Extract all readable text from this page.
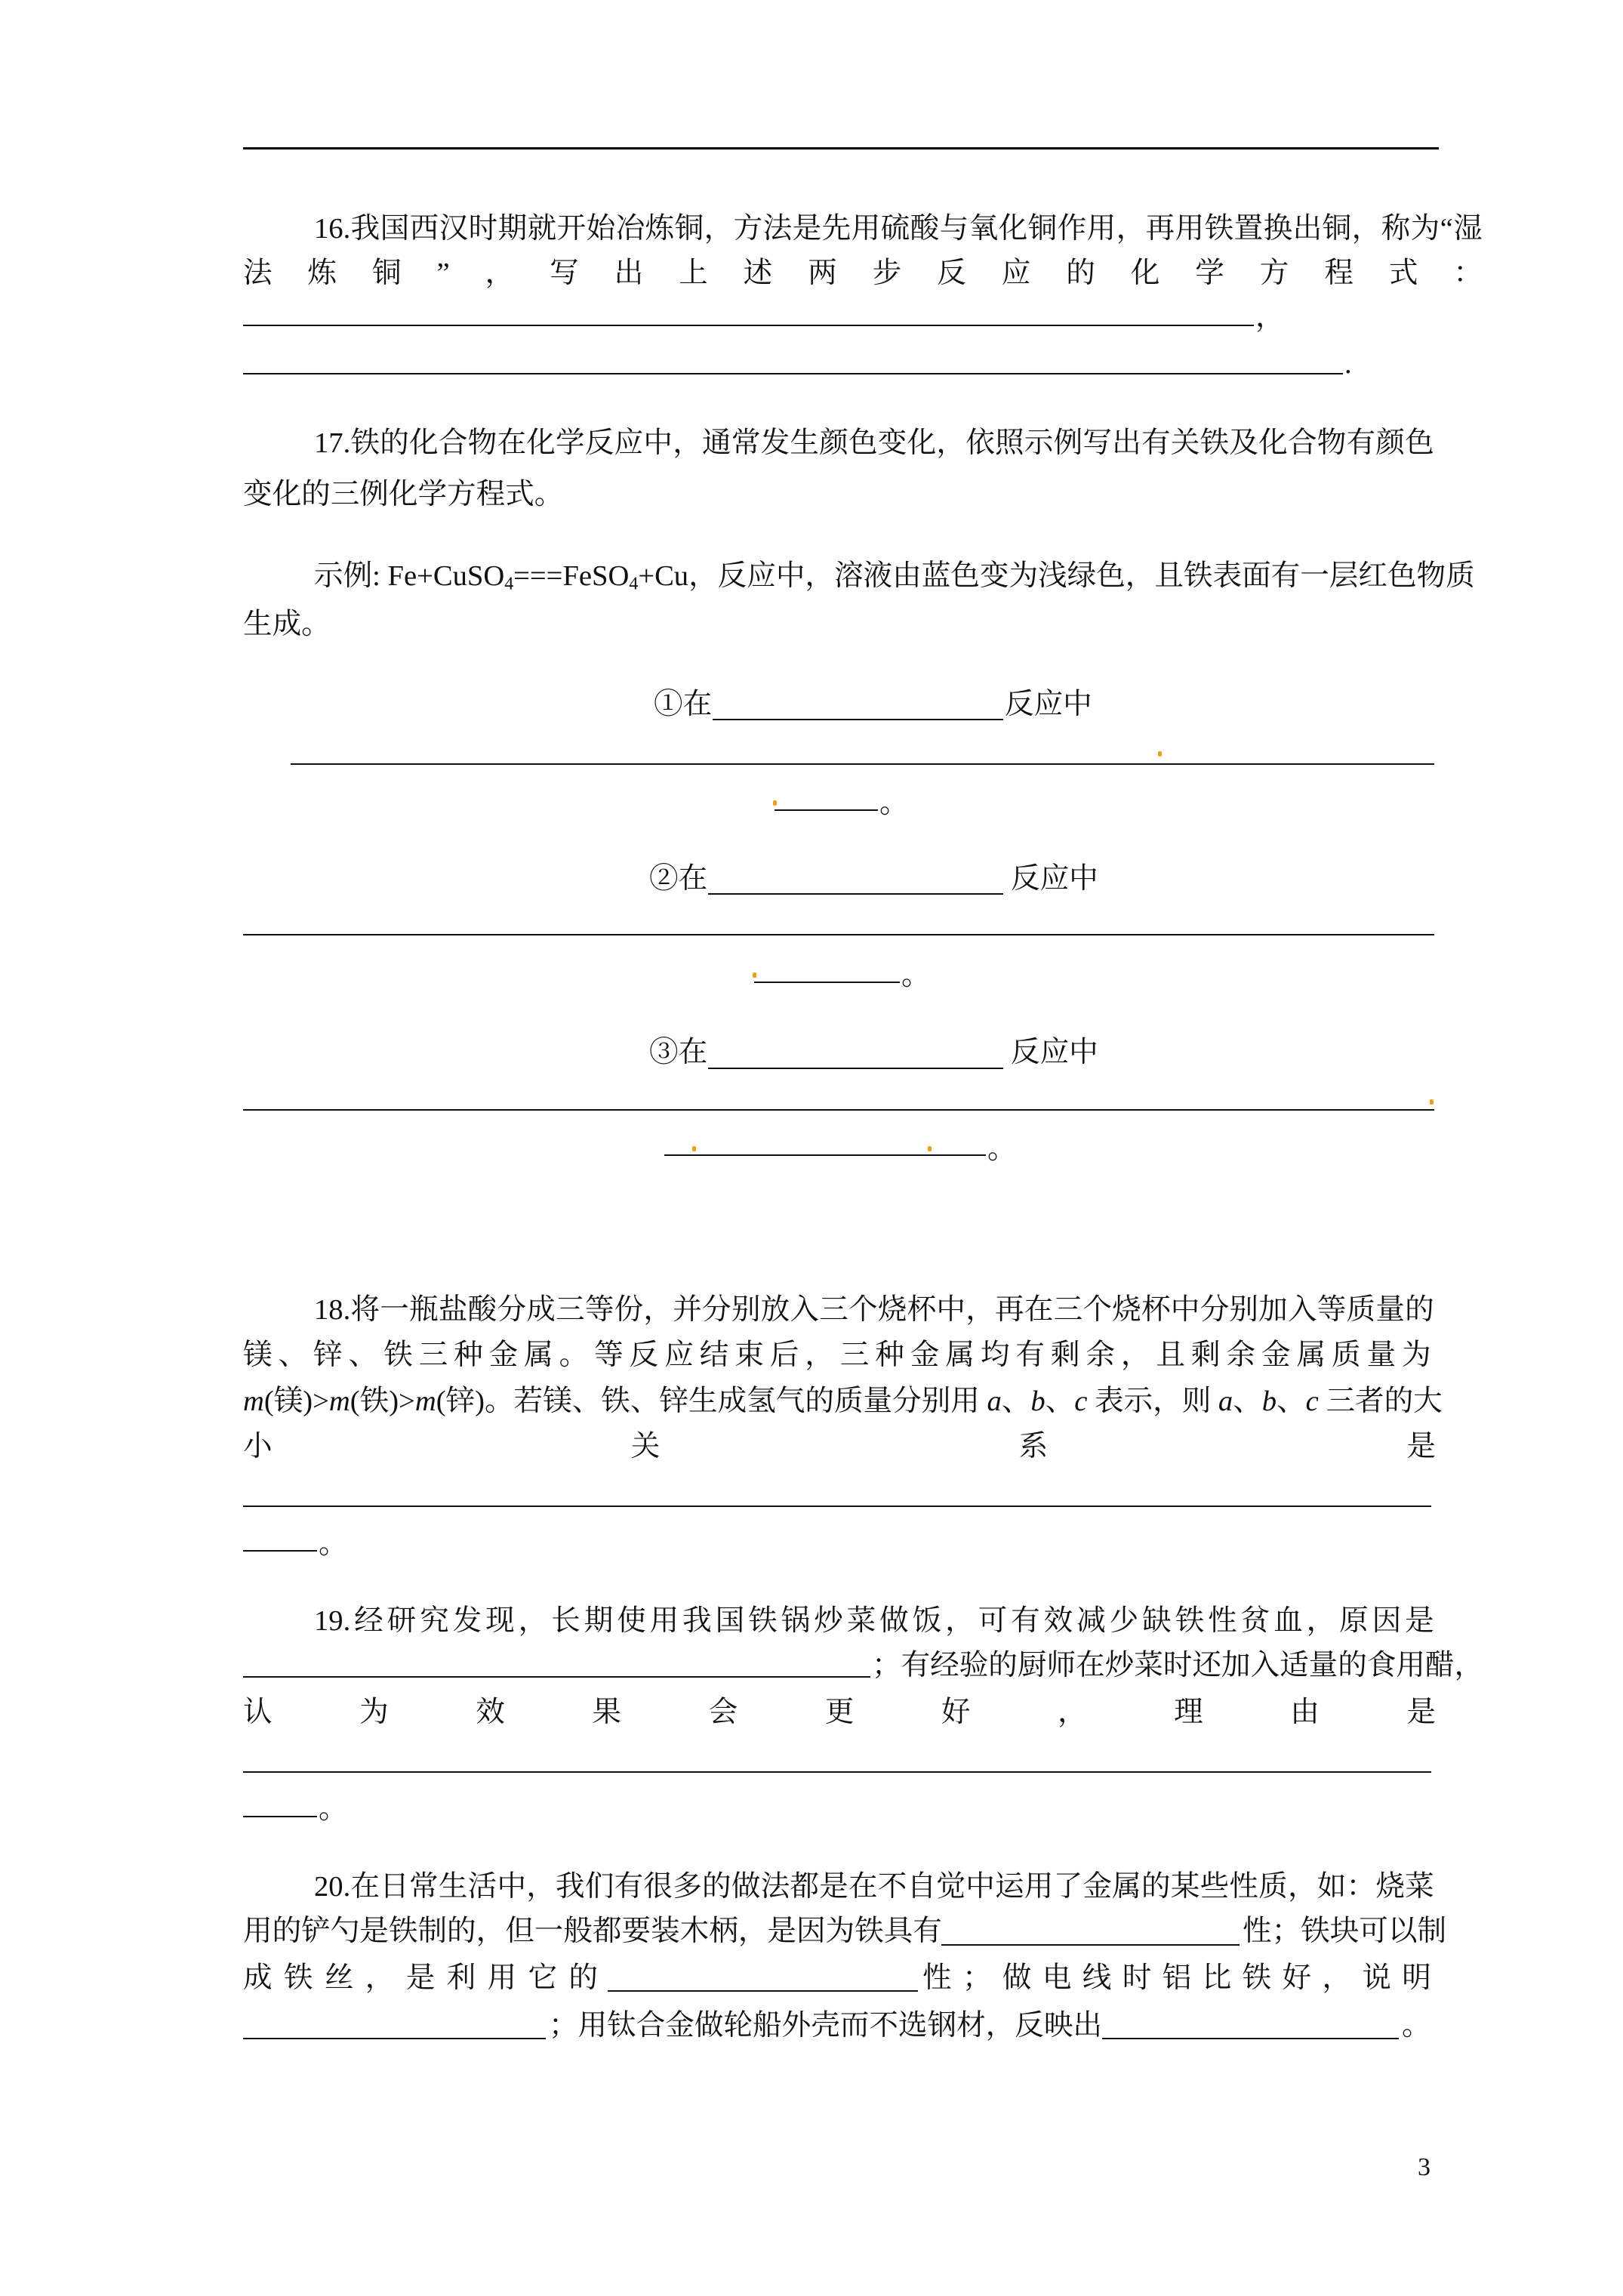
16. 我 国 西 汉 时 期 就 开 始 冶 炼 铜 ， 方 法 是 先 用 硫 酸 与 氧 化 铜 作 用 ， 再 用 铁 置 换 出 铜 ， 称 为 “ 湿
法 炼 铜 ” ， 写 出 上 述 两 步 反 应 的 化 学 方 程 式 ：
，
.
17. 铁 的 化 合 物 在 化 学 反 应 中 ， 通 常 发 生 颜 色 变 化 ， 依 照 示 例 写 出 有 关 铁 及 化 合 物 有 颜 色
变化的三例化学方程式。
示例: Fe+CuSO$_4$===FeSO$_4$+Cu，反应中，溶液由蓝色变为浅绿色，且铁表面有一层红色物质
生成。
①在	反应中
。
②在	反应中
。
③在	反应中
。
18. 将 一 瓶 盐 酸 分 成 三 等 份 ， 并 分 别 放 入 三 个 烧 杯 中 ， 再 在 三 个 烧 杯 中 分 别 加 入 等 质 量 的
镁 、 锌 、 铁 三 种 金 属 。 等 反 应 结 束 后 ， 三 种 金 属 均 有 剩 余 ， 且 剩 余 金 属 质 量 为
m(镁)>m(铁)>m(锌)。若镁、铁、锌生成氢气的质量分别用 a、b、c 表示，则 a、b、c 三者的大
小	关	系	是
。
19. 经 研 究 发 现 ， 长 期 使 用 我 国 铁 锅 炒 菜 做 饭 ， 可 有 效 减 少 缺 铁 性 贫 血 ， 原 因 是
；有经验的厨师在炒菜时还加入适量的食用醋，
认	为	效	果	会	更	好	，	理	由	是
。
20. 在 日 常 生 活 中 ， 我 们 有 很 多 的 做 法 都 是 在 不 自 觉 中 运 用 了 金 属 的 某 些 性 质 ， 如 ： 烧 菜
用的铲勺是铁制的，但一般都要装木柄，是因为铁具有	性；铁块可以制
成 铁 丝 ， 是 利 用 它 的	性 ； 做 电 线 时 铝 比 铁 好 ， 说 明
；用钛合金做轮船外壳而不选钢材，反映出	。
3
